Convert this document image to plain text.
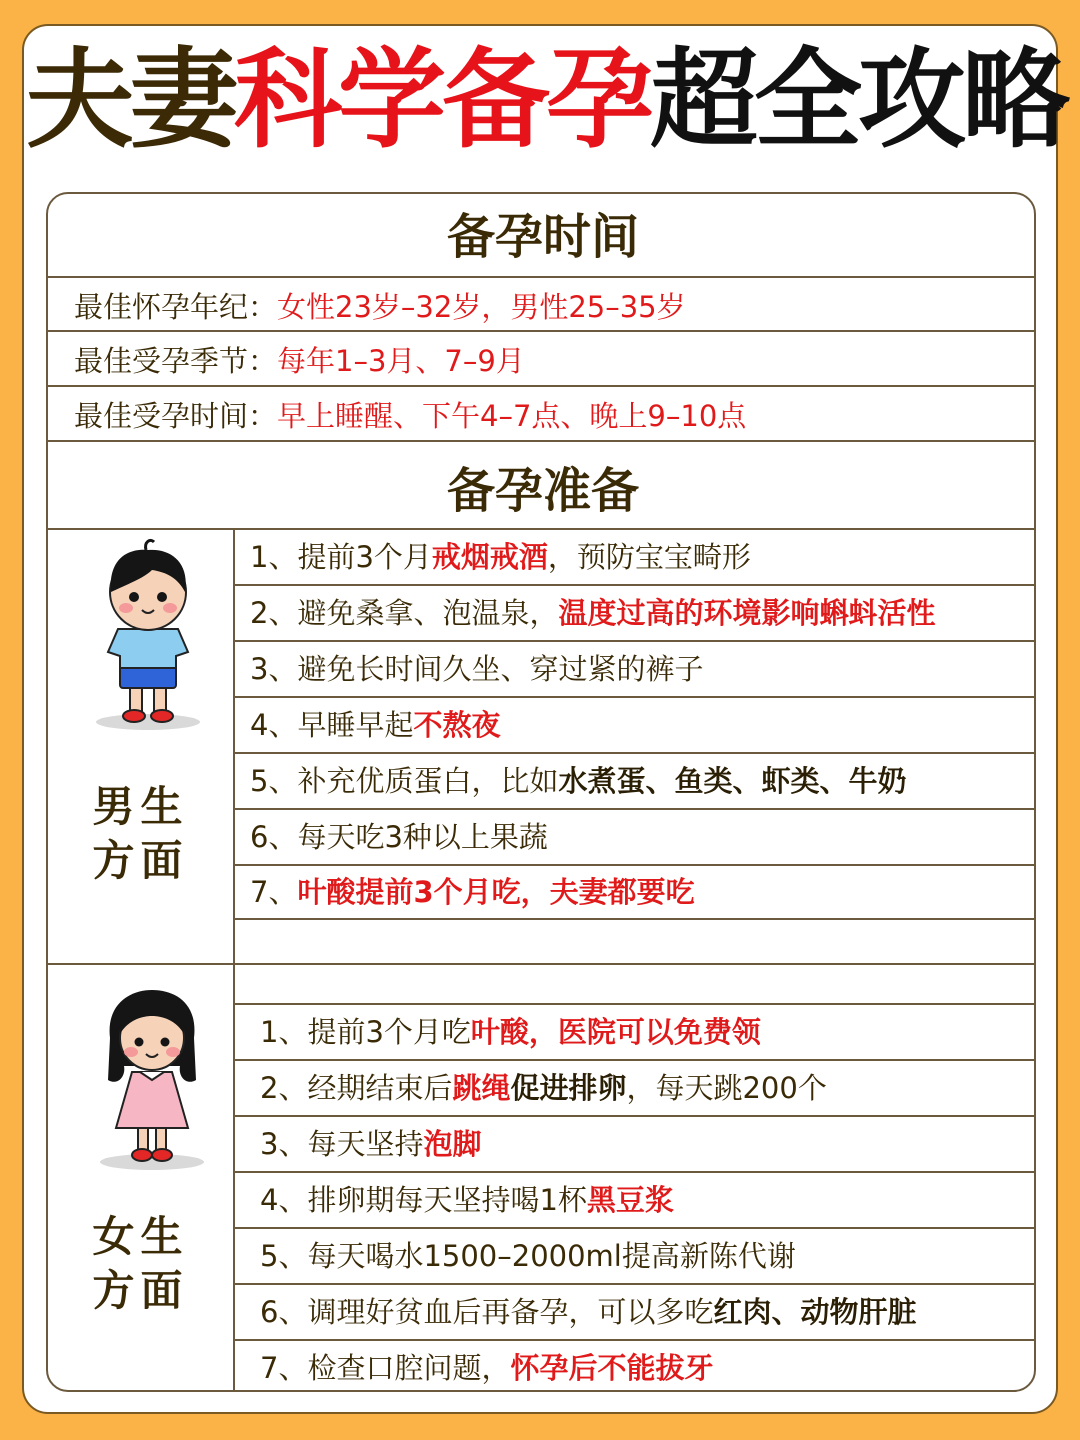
夫妻科学备孕超全攻略
备孕时间
最佳怀孕年纪：女性23岁–32岁，男性25–35岁
最佳受孕季节：每年1–3月、7–9月
最佳受孕时间：早上睡醒、下午4–7点、晚上9–10点
备孕准备
1、提前3个月戒烟戒酒，预防宝宝畸形
2、避免桑拿、泡温泉，温度过高的环境影响蝌蚪活性
3、避免长时间久坐、穿过紧的裤子
4、早睡早起不熬夜
5、补充优质蛋白，比如水煮蛋、鱼类、虾类、牛奶
6、每天吃3种以上果蔬
7、叶酸提前3个月吃，夫妻都要吃
1、提前3个月吃叶酸，医院可以免费领
2、经期结束后跳绳促进排卵，每天跳200个
3、每天坚持泡脚
4、排卵期每天坚持喝1杯黑豆浆
5、每天喝水1500–2000ml提高新陈代谢
6、调理好贫血后再备孕，可以多吃红肉、动物肝脏
7、检查口腔问题，怀孕后不能拔牙
男生
方面
女生
方面
